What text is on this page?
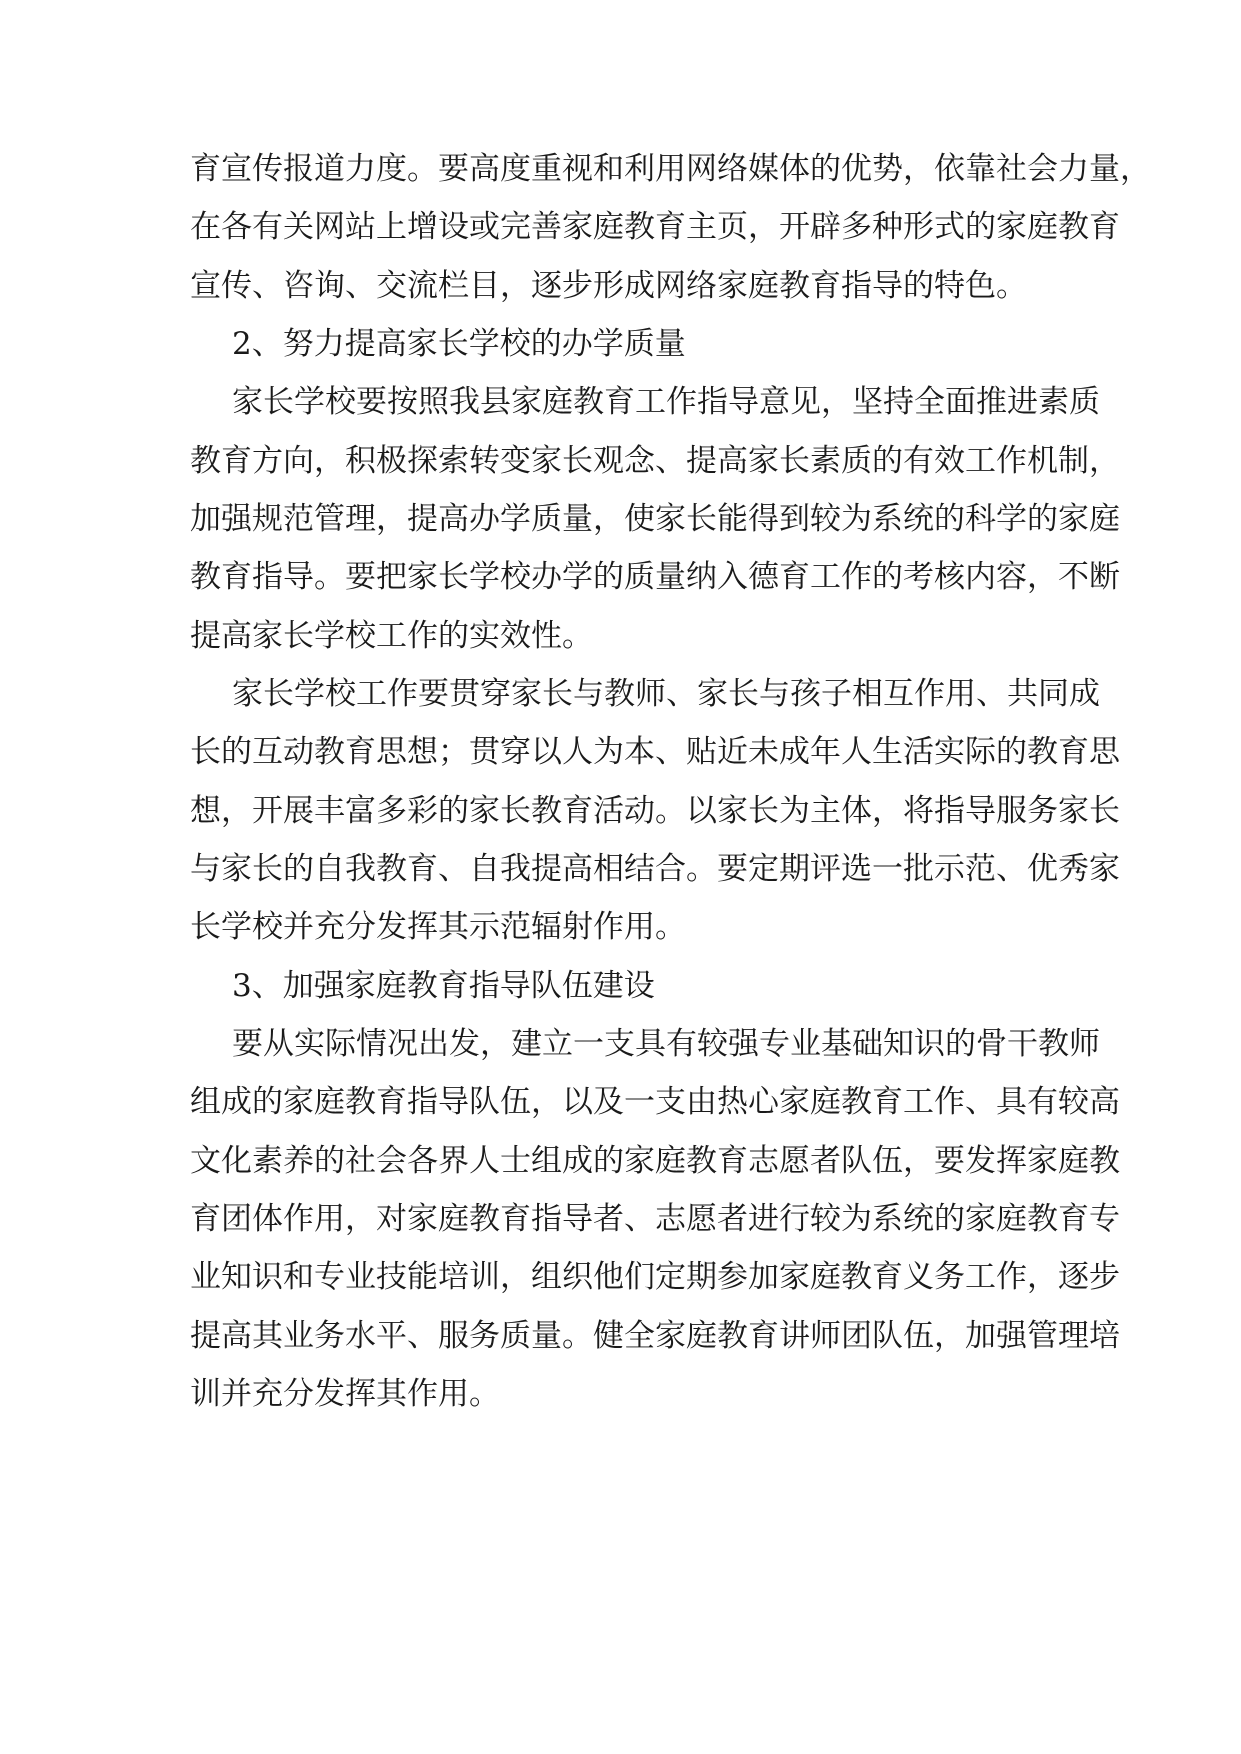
育宣传报道力度。要高度重视和利用网络媒体的优势，依靠社会力量，
在各有关网站上增设或完善家庭教育主页，开辟多种形式的家庭教育
宣传、咨询、交流栏目，逐步形成网络家庭教育指导的特色。
2、努力提高家长学校的办学质量
家长学校要按照我县家庭教育工作指导意见，坚持全面推进素质
教育方向，积极探索转变家长观念、提高家长素质的有效工作机制，
加强规范管理，提高办学质量，使家长能得到较为系统的科学的家庭
教育指导。要把家长学校办学的质量纳入德育工作的考核内容，不断
提高家长学校工作的实效性。
家长学校工作要贯穿家长与教师、家长与孩子相互作用、共同成
长的互动教育思想；贯穿以人为本、贴近未成年人生活实际的教育思
想，开展丰富多彩的家长教育活动。以家长为主体，将指导服务家长
与家长的自我教育、自我提高相结合。要定期评选一批示范、优秀家
长学校并充分发挥其示范辐射作用。
3、加强家庭教育指导队伍建设
要从实际情况出发，建立一支具有较强专业基础知识的骨干教师
组成的家庭教育指导队伍，以及一支由热心家庭教育工作、具有较高
文化素养的社会各界人士组成的家庭教育志愿者队伍，要发挥家庭教
育团体作用，对家庭教育指导者、志愿者进行较为系统的家庭教育专
业知识和专业技能培训，组织他们定期参加家庭教育义务工作，逐步
提高其业务水平、服务质量。健全家庭教育讲师团队伍，加强管理培
训并充分发挥其作用。
